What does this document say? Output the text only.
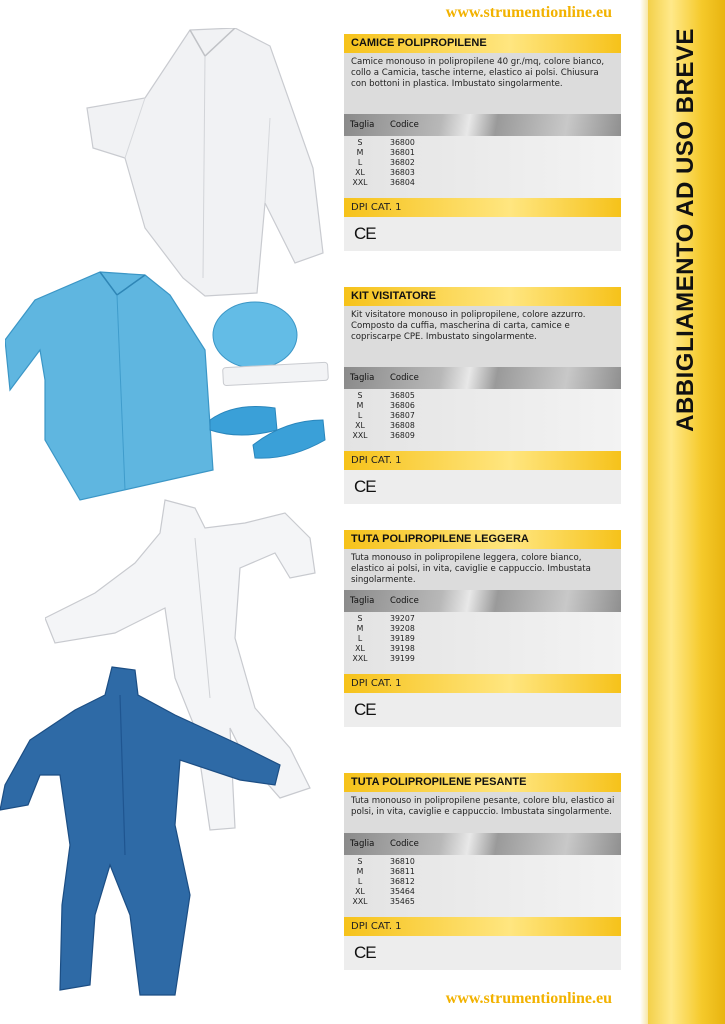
www.strumentionline.eu
www.strumentionline.eu
ABBIGLIAMENTO AD USO BREVE
CAMICE POLIPROPILENE
Camice monouso in polipropilene 40 gr./mq, colore bianco, collo a Camicia, tasche interne, elastico ai polsi. Chiusura con bottoni in plastica. Imbustato singolarmente.
Taglia Codice
S	36800
M	36801
L	36802
XL	36803
XXL	36804
DPI CAT. 1
CE
KIT VISITATORE
Kit visitatore monouso in polipropilene, colore azzurro. Composto da cuffia, mascherina di carta, camice e copriscarpe CPE. Imbustato singolarmente.
Taglia Codice
S	36805
M	36806
L	36807
XL	36808
XXL	36809
DPI CAT. 1
CE
TUTA POLIPROPILENE LEGGERA
Tuta monouso in polipropilene leggera, colore bianco, elastico ai polsi, in vita, caviglie e cappuccio. Imbustata singolarmente.
Taglia Codice
S	39207
M	39208
L	39189
XL	39198
XXL	39199
DPI CAT. 1
CE
TUTA POLIPROPILENE PESANTE
Tuta monouso in polipropilene pesante, colore blu, elastico ai polsi, in vita, caviglie e cappuccio. Imbustata singolarmente.
Taglia Codice
S	36810
M	36811
L	36812
XL	35464
XXL	35465
DPI CAT. 1
CE
